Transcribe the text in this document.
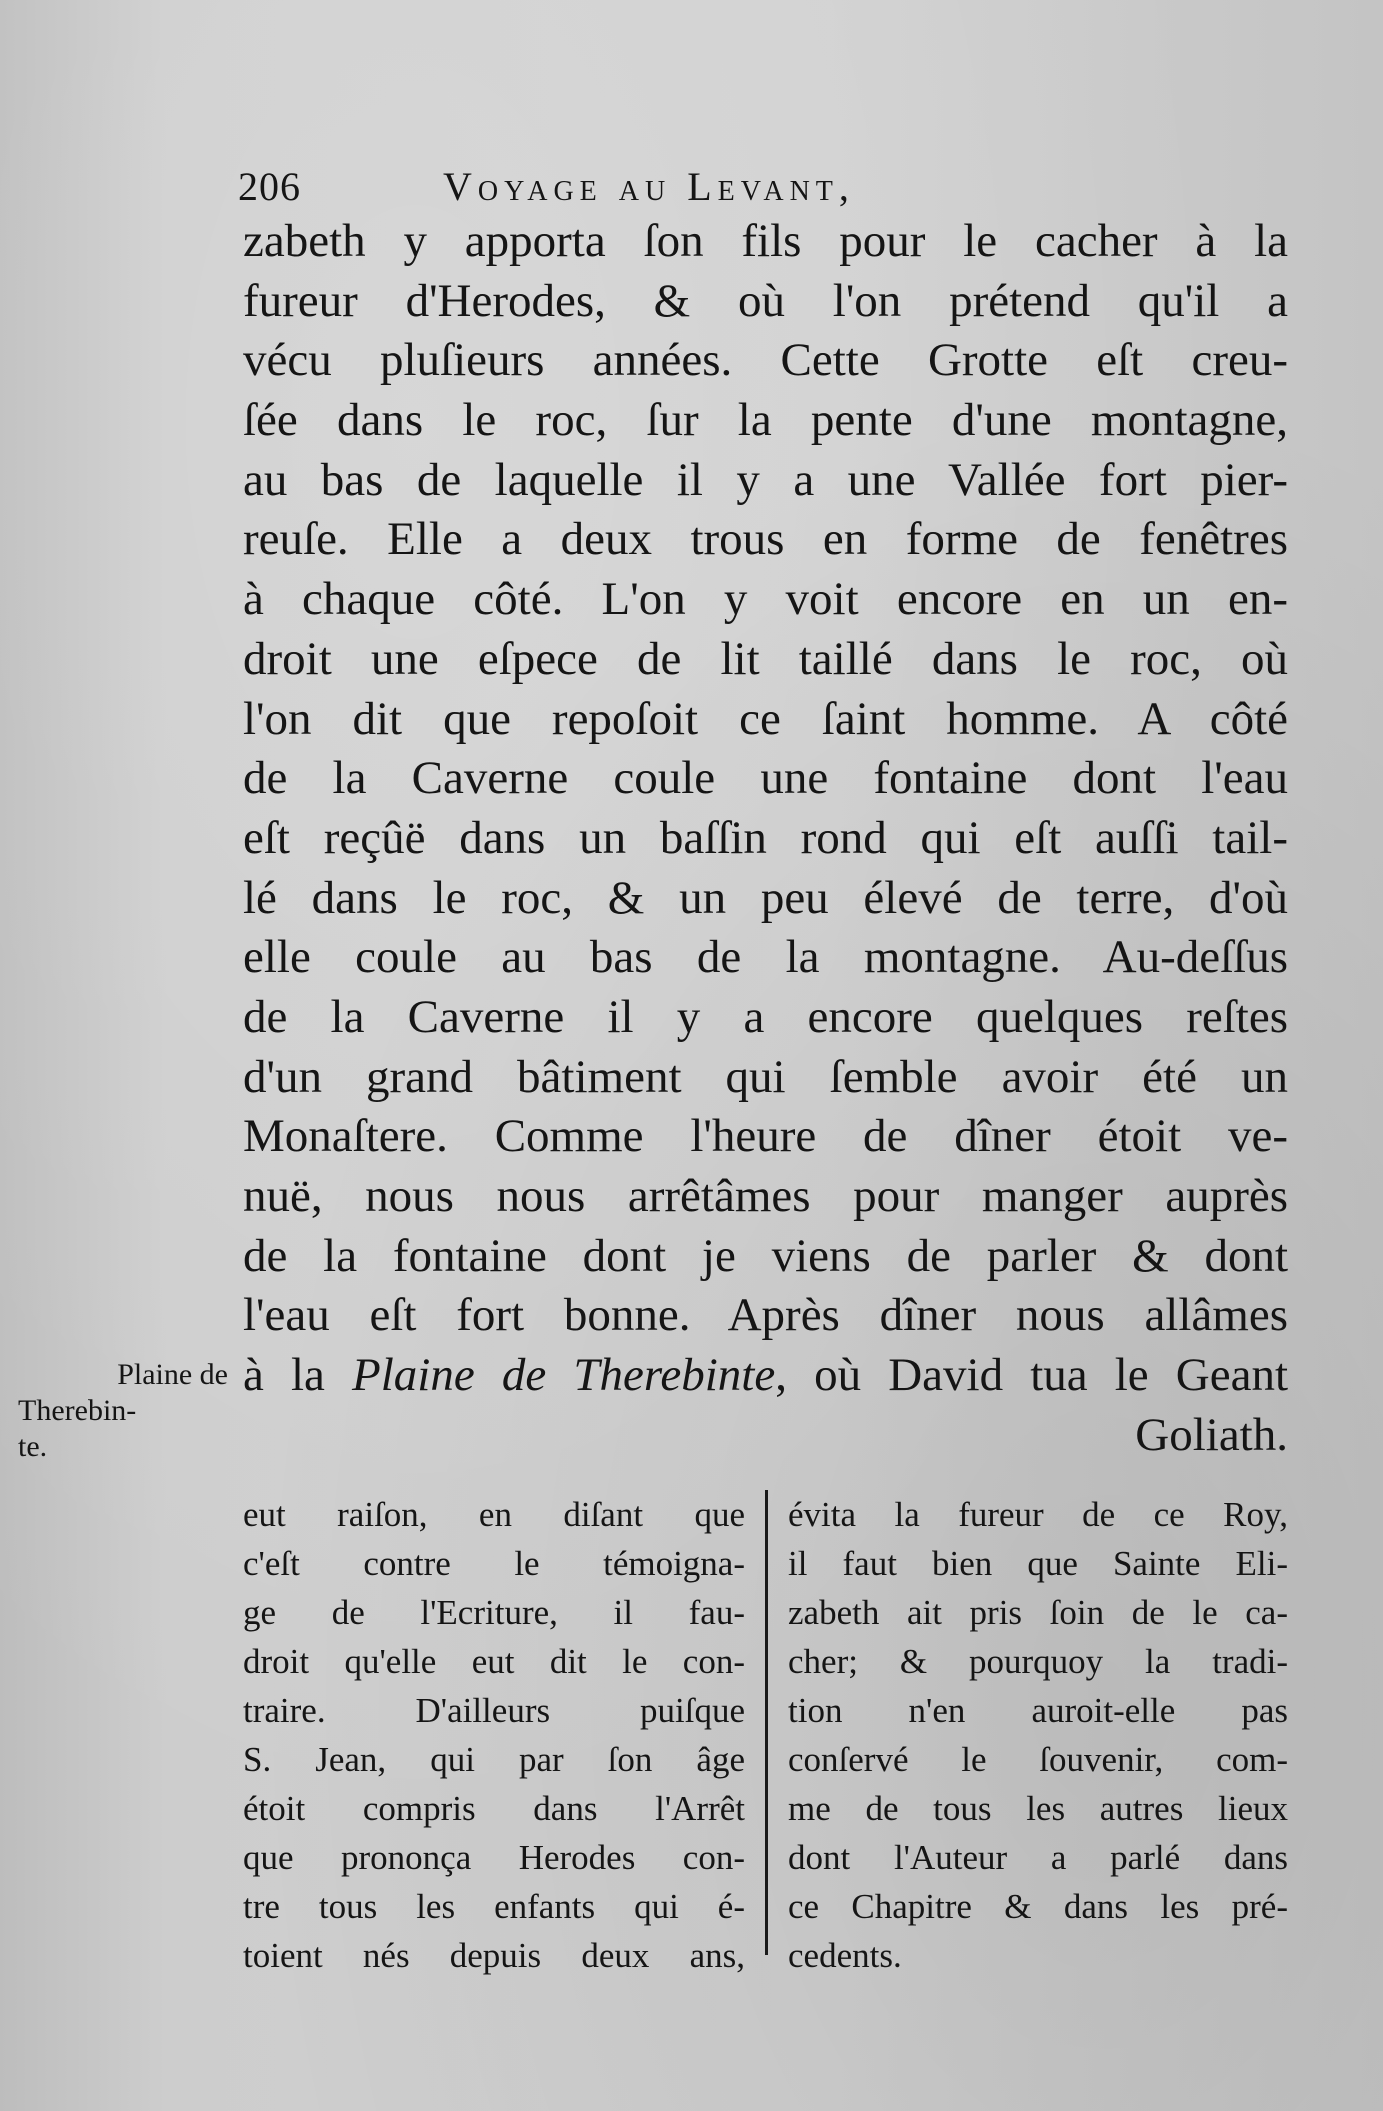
206	Voyage au Levant,
zabeth y apporta ſon fils pour le cacher à la
fureur d'Herodes, & où l'on prétend qu'il a
vécu pluſieurs années. Cette Grotte eſt creu-
ſée dans le roc, ſur la pente d'une montagne,
au bas de laquelle il y a une Vallée fort pier-
reuſe. Elle a deux trous en forme de fenêtres
à chaque côté. L'on y voit encore en un en-
droit une eſpece de lit taillé dans le roc, où
l'on dit que repoſoit ce ſaint homme. A côté
de la Caverne coule une fontaine dont l'eau
eſt reçûë dans un baſſin rond qui eſt auſſi tail-
lé dans le roc, & un peu élevé de terre, d'où
elle coule au bas de la montagne. Au-deſſus
de la Caverne il y a encore quelques reſtes
d'un grand bâtiment qui ſemble avoir été un
Monaſtere. Comme l'heure de dîner étoit ve-
nuë, nous nous arrêtâmes pour manger auprès
de la fontaine dont je viens de parler & dont
l'eau eſt fort bonne. Après dîner nous allâmes
à la Plaine de Therebinte, où David tua le Geant
Goliath.
Plaine de
Therebin-
te.
eut raiſon, en diſant que
c'eſt contre le témoigna-
ge de l'Ecriture, il fau-
droit qu'elle eut dit le con-
traire. D'ailleurs puiſque
S. Jean, qui par ſon âge
étoit compris dans l'Arrêt
que prononça Herodes con-
tre tous les enfants qui é-
toient nés depuis deux ans,
évita la fureur de ce Roy,
il faut bien que Sainte Eli-
zabeth ait pris ſoin de le ca-
cher; & pourquoy la tradi-
tion n'en auroit-elle pas
conſervé le ſouvenir, com-
me de tous les autres lieux
dont l'Auteur a parlé dans
ce Chapitre & dans les pré-
cedents.
